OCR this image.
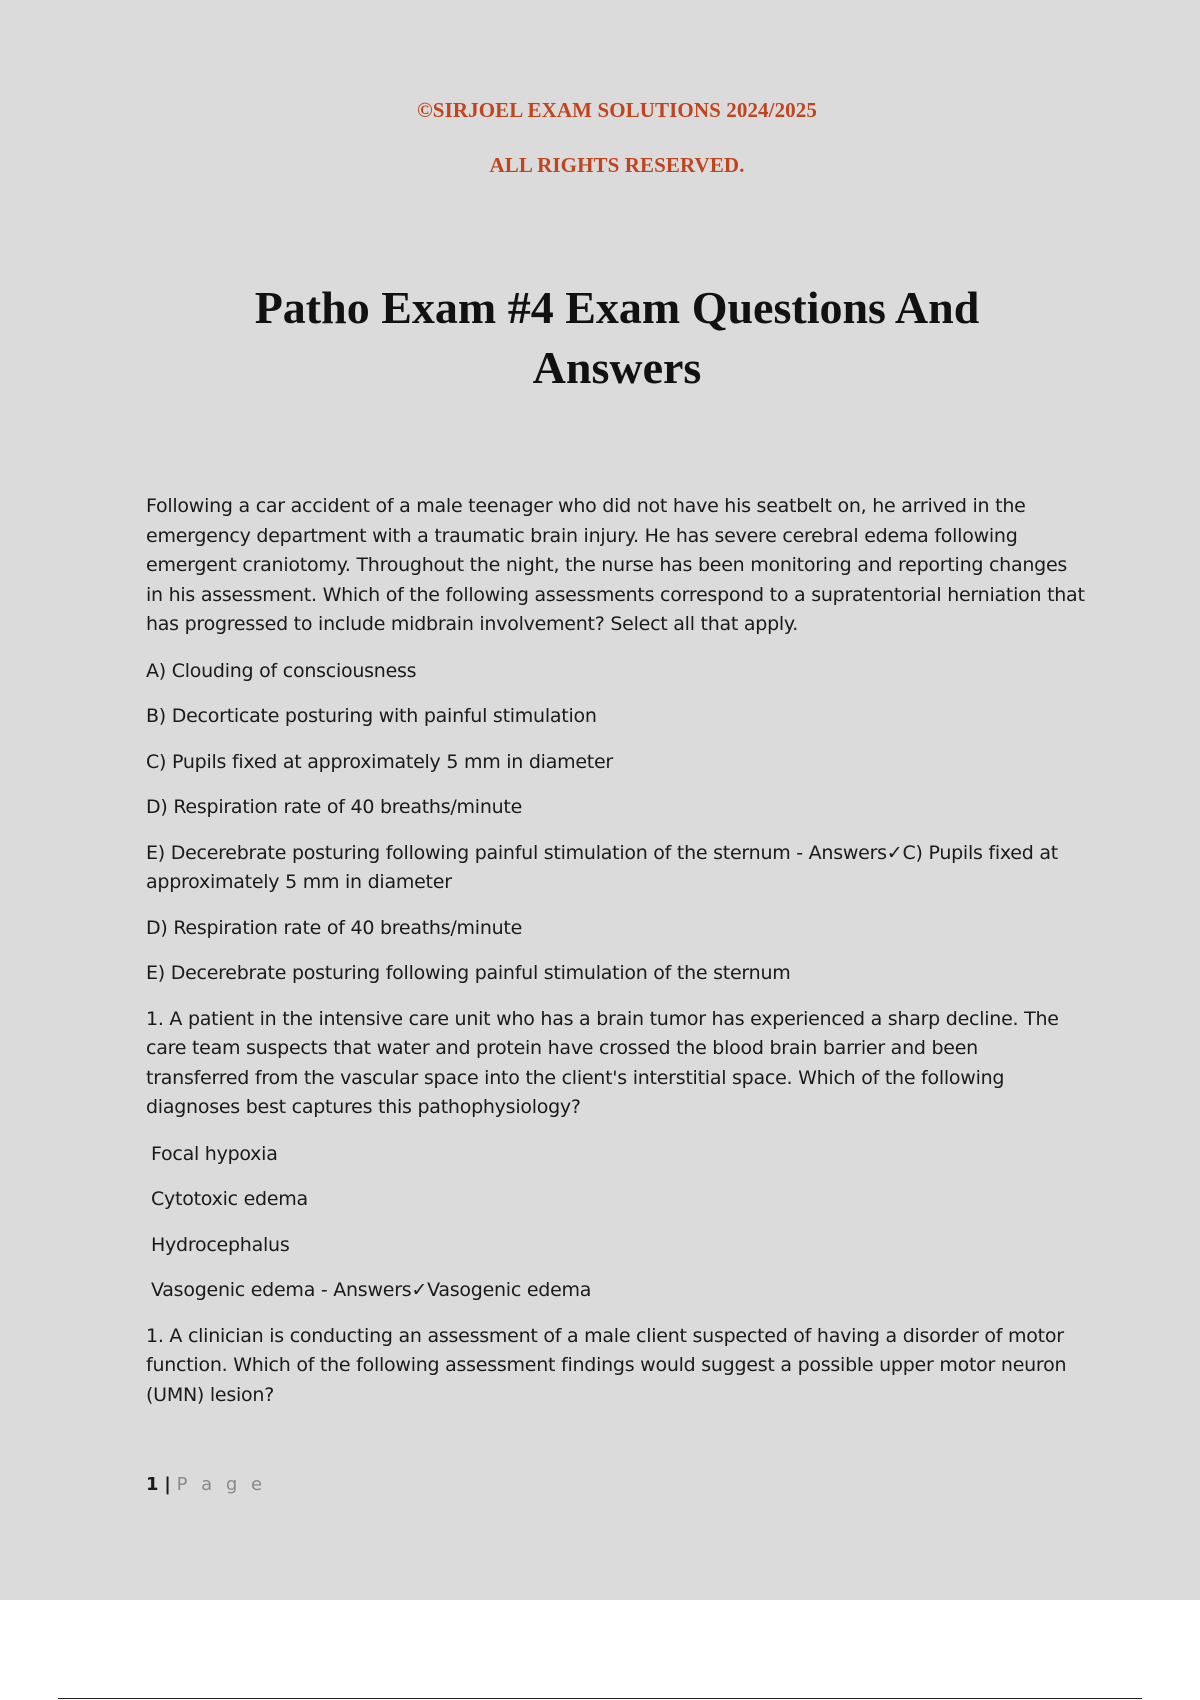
©SIRJOEL EXAM SOLUTIONS 2024/2025

ALL RIGHTS RESERVED.

Patho Exam #4 Exam Questions And
Answers

Following a car accident of a male teenager who did not have his seatbelt on, he arrived in the emergency department with a traumatic brain injury. He has severe cerebral edema following emergent craniotomy. Throughout the night, the nurse has been monitoring and reporting changes in his assessment. Which of the following assessments correspond to a supratentorial herniation that has progressed to include midbrain involvement? Select all that apply.

A) Clouding of consciousness

B) Decorticate posturing with painful stimulation

C) Pupils fixed at approximately 5 mm in diameter

D) Respiration rate of 40 breaths/minute

E) Decerebrate posturing following painful stimulation of the sternum - Answers✓C) Pupils fixed at approximately 5 mm in diameter

D) Respiration rate of 40 breaths/minute

E) Decerebrate posturing following painful stimulation of the sternum

1. A patient in the intensive care unit who has a brain tumor has experienced a sharp decline. The care team suspects that water and protein have crossed the blood brain barrier and been transferred from the vascular space into the client's interstitial space. Which of the following diagnoses best captures this pathophysiology?

Focal hypoxia

Cytotoxic edema

Hydrocephalus

Vasogenic edema - Answers✓Vasogenic edema

1. A clinician is conducting an assessment of a male client suspected of having a disorder of motor function. Which of the following assessment findings would suggest a possible upper motor neuron (UMN) lesion?

1 | P a g e
